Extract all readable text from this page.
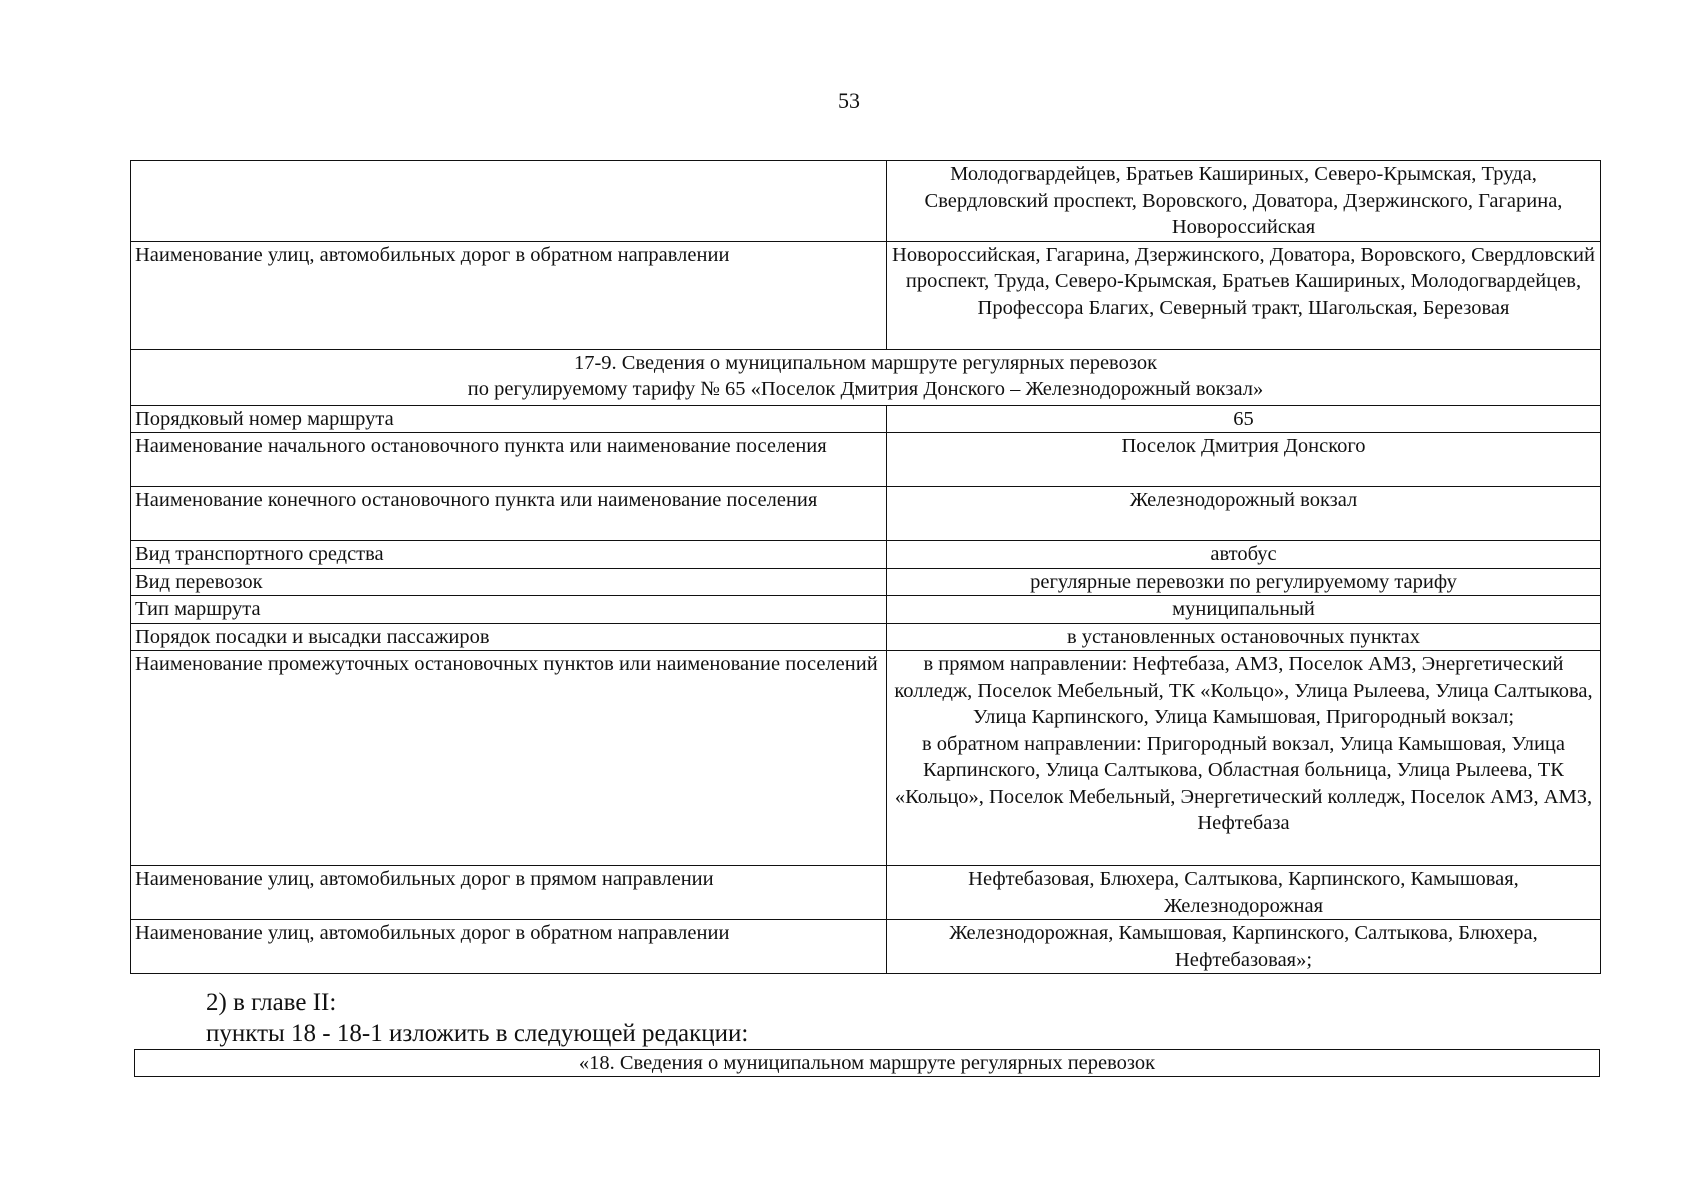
53
	Молодогвардейцев, Братьев Кашириных, Северо-Крымская, Труда, Свердловский проспект, Воровского, Доватора, Дзержинского, Гагарина, Новороссийская
Наименование улиц, автомобильных дорог в обратном направлении	Новороссийская, Гагарина, Дзержинского, Доватора, Воровского, Свердловский проспект, Труда, Северо-Крымская, Братьев Кашириных, Молодогвардейцев, Профессора Благих, Северный тракт, Шагольская, Березовая

17-9. Сведения о муниципальном маршруте регулярных перевозок
по регулируемому тарифу № 65 «Поселок Дмитрия Донского – Железнодорожный вокзал»	

Порядковый номер маршрута	65
Наименование начального остановочного пункта или наименование поселения	Поселок Дмитрия Донского
Наименование конечного остановочного пункта или наименование поселения	Железнодорожный вокзал
Вид транспортного средства	автобус
Вид перевозок	регулярные перевозки по регулируемому тарифу
Тип маршрута	муниципальный
Порядок посадки и высадки пассажиров	в установленных остановочных пунктах
Наименование промежуточных остановочных пунктов или наименование поселений	в прямом направлении: Нефтебаза, АМЗ, Поселок АМЗ, Энергетический колледж, Поселок Мебельный, ТК «Кольцо», Улица Рылеева, Улица Салтыкова, Улица Карпинского, Улица Камышовая, Пригородный вокзал;
в обратном направлении: Пригородный вокзал, Улица Камышовая, Улица Карпинского, Улица Салтыкова, Областная больница, Улица Рылеева, ТК «Кольцо», Поселок Мебельный, Энергетический колледж, Поселок АМЗ, АМЗ, Нефтебаза

Наименование улиц, автомобильных дорог в прямом направлении	Нефтебазовая, Блюхера, Салтыкова, Карпинского, Камышовая, Железнодорожная
Наименование улиц, автомобильных дорог в обратном направлении	Железнодорожная, Камышовая, Карпинского, Салтыкова, Блюхера, Нефтебазовая»;
2) в главе II:
пункты 18 - 18-1 изложить в следующей редакции:
«18. Сведения о муниципальном маршруте регулярных перевозок
